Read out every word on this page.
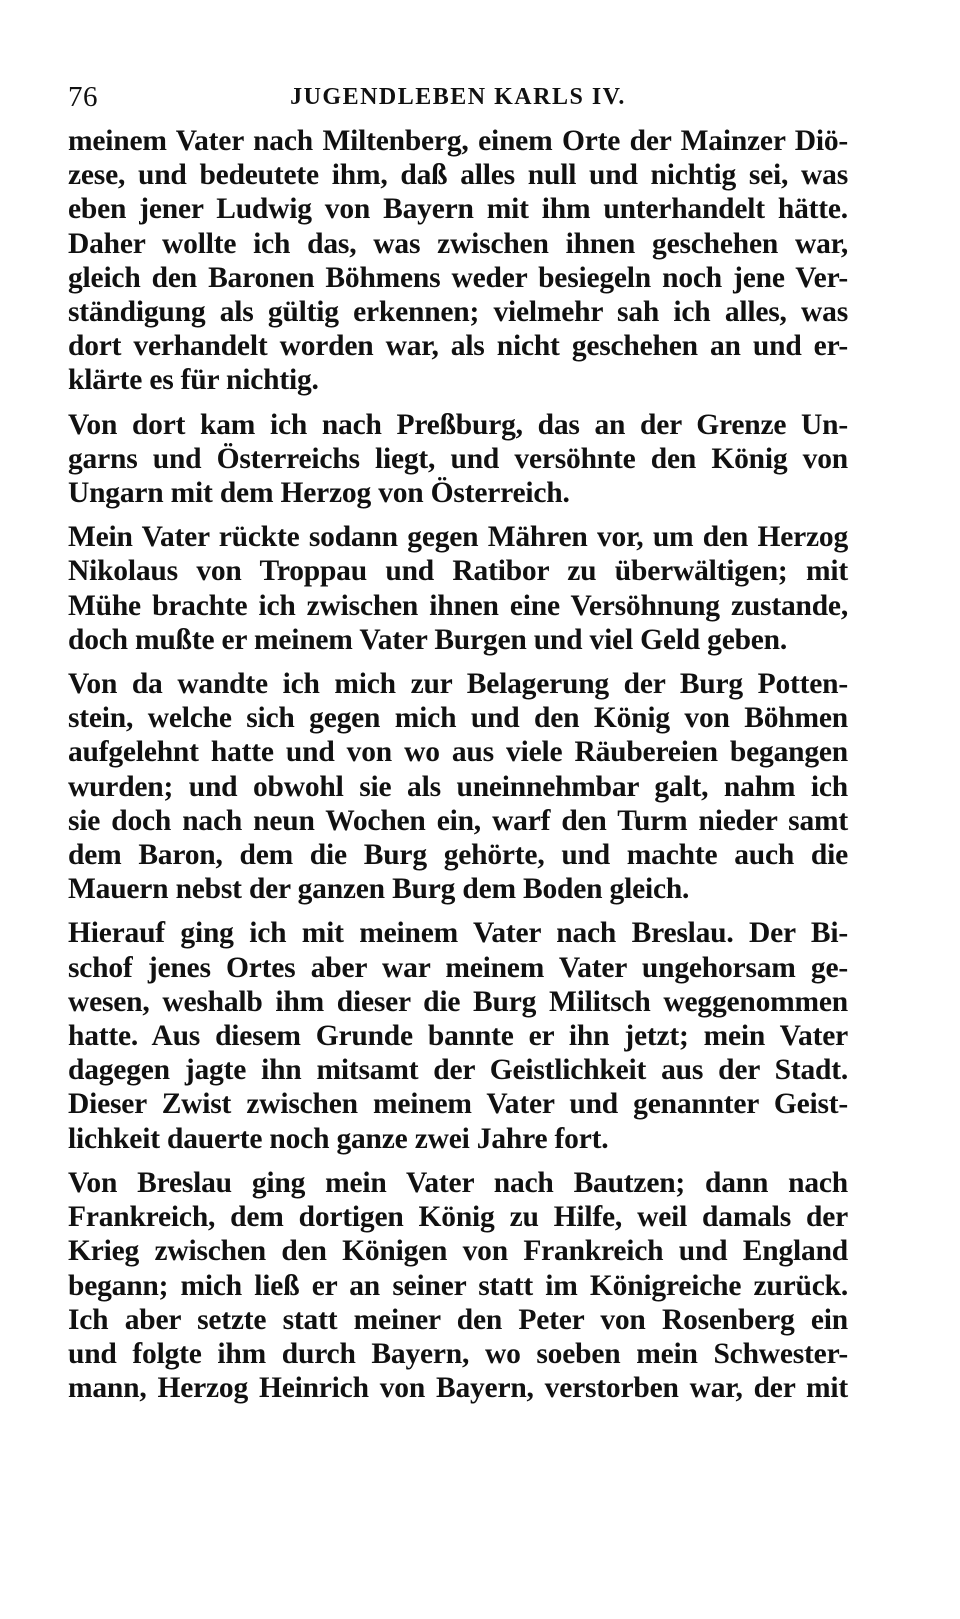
76	JUGENDLEBEN KARLS IV.
meinem Vater nach Miltenberg, einem Orte der Mainzer Diö-
zese, und bedeutete ihm, daß alles null und nichtig sei, was
eben jener Ludwig von Bayern mit ihm unterhandelt hätte.
Daher wollte ich das, was zwischen ihnen geschehen war,
gleich den Baronen Böhmens weder besiegeln noch jene Ver-
ständigung als gültig erkennen; vielmehr sah ich alles, was
dort verhandelt worden war, als nicht geschehen an und er-
klärte es für nichtig.
Von dort kam ich nach Preßburg, das an der Grenze Un-
garns und Österreichs liegt, und versöhnte den König von
Ungarn mit dem Herzog von Österreich.
Mein Vater rückte sodann gegen Mähren vor, um den Herzog
Nikolaus von Troppau und Ratibor zu überwältigen; mit
Mühe brachte ich zwischen ihnen eine Versöhnung zustande,
doch mußte er meinem Vater Burgen und viel Geld geben.
Von da wandte ich mich zur Belagerung der Burg Potten-
stein, welche sich gegen mich und den König von Böhmen
aufgelehnt hatte und von wo aus viele Räubereien begangen
wurden; und obwohl sie als uneinnehmbar galt, nahm ich
sie doch nach neun Wochen ein, warf den Turm nieder samt
dem Baron, dem die Burg gehörte, und machte auch die
Mauern nebst der ganzen Burg dem Boden gleich.
Hierauf ging ich mit meinem Vater nach Breslau. Der Bi-
schof jenes Ortes aber war meinem Vater ungehorsam ge-
wesen, weshalb ihm dieser die Burg Militsch weggenommen
hatte. Aus diesem Grunde bannte er ihn jetzt; mein Vater
dagegen jagte ihn mitsamt der Geistlichkeit aus der Stadt.
Dieser Zwist zwischen meinem Vater und genannter Geist-
lichkeit dauerte noch ganze zwei Jahre fort.
Von Breslau ging mein Vater nach Bautzen; dann nach
Frankreich, dem dortigen König zu Hilfe, weil damals der
Krieg zwischen den Königen von Frankreich und England
begann; mich ließ er an seiner statt im Königreiche zurück.
Ich aber setzte statt meiner den Peter von Rosenberg ein
und folgte ihm durch Bayern, wo soeben mein Schwester-
mann, Herzog Heinrich von Bayern, verstorben war, der mit
